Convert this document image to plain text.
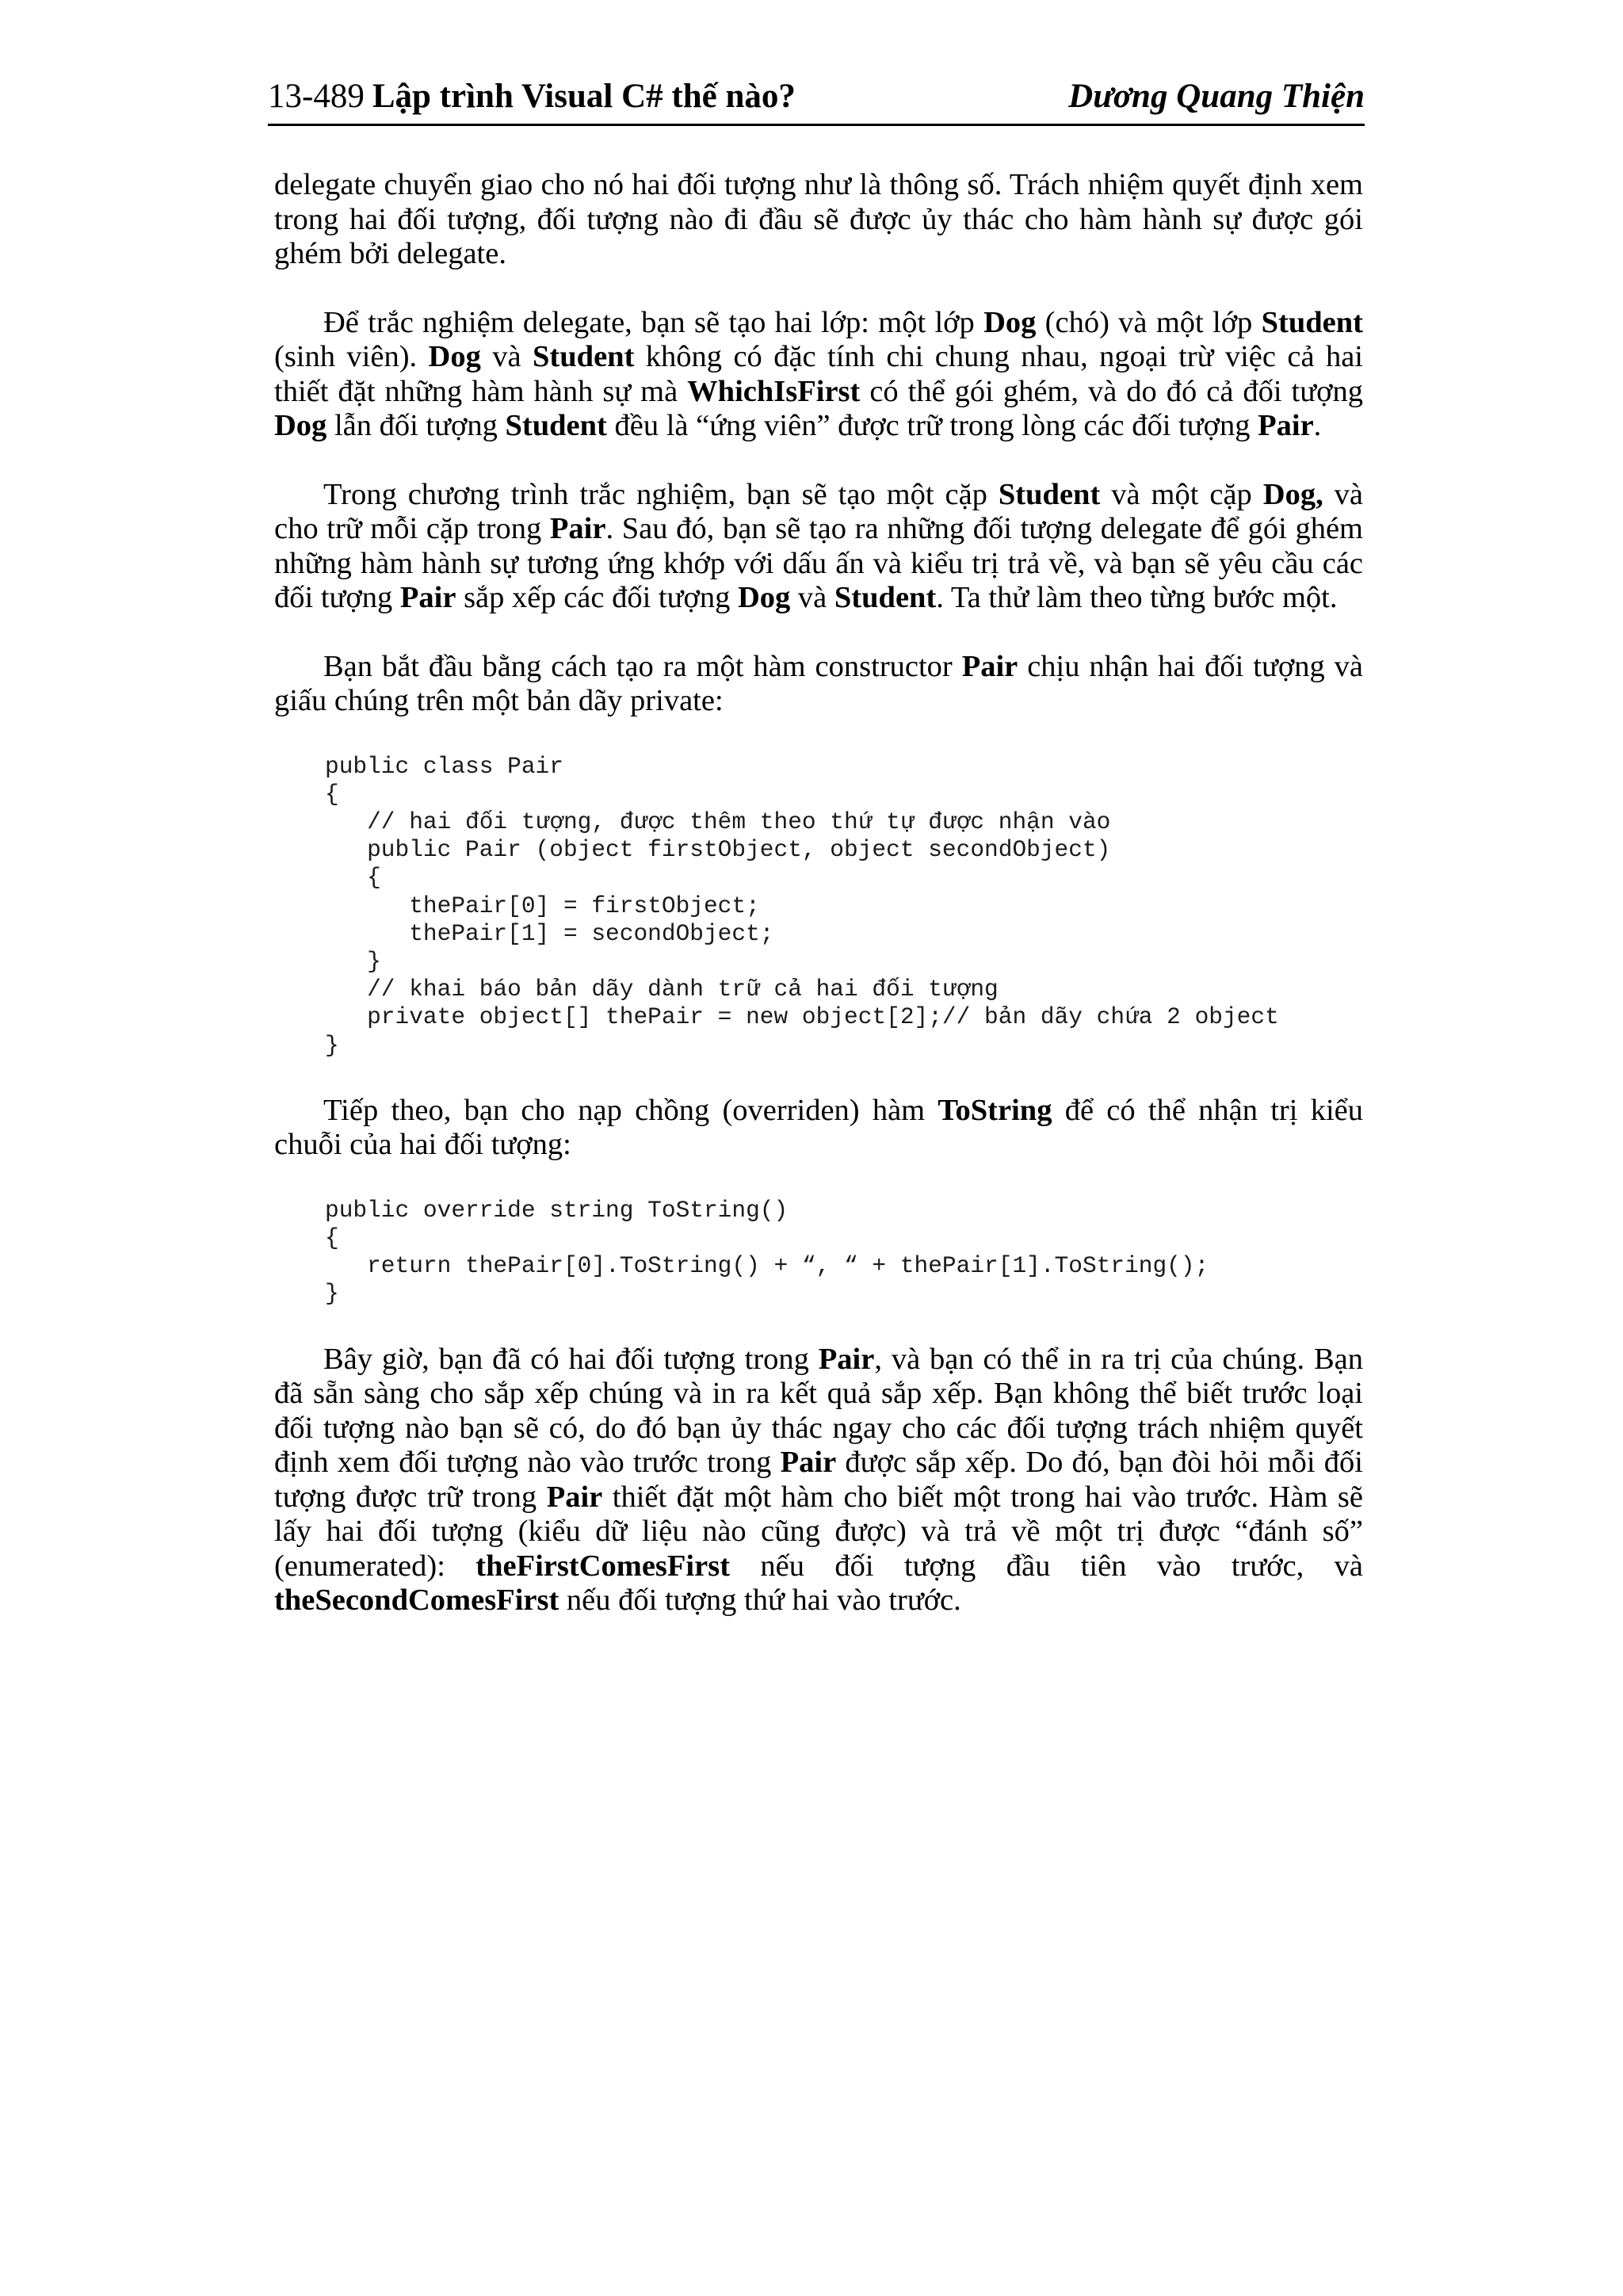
13-489 Lập trình Visual C# thế nào?	Dương Quang Thiện

delegate chuyển giao cho nó hai đối tượng như là thông số. Trách nhiệm quyết định xem trong hai đối tượng, đối tượng nào đi đầu sẽ được ủy thác cho hàm hành sự được gói ghém bởi delegate.

Để trắc nghiệm delegate, bạn sẽ tạo hai lớp: một lớp Dog (chó) và một lớp Student (sinh viên). Dog và Student không có đặc tính chi chung nhau, ngoại trừ việc cả hai thiết đặt những hàm hành sự mà WhichIsFirst có thể gói ghém, và do đó cả đối tượng Dog lẫn đối tượng Student đều là “ứng viên” được trữ trong lòng các đối tượng Pair.

Trong chương trình trắc nghiệm, bạn sẽ tạo một cặp Student và một cặp Dog, và cho trữ mỗi cặp trong Pair. Sau đó, bạn sẽ tạo ra những đối tượng delegate để gói ghém những hàm hành sự tương ứng khớp với dấu ấn và kiểu trị trả về, và bạn sẽ yêu cầu các đối tượng Pair sắp xếp các đối tượng Dog và Student. Ta thử làm theo từng bước một.

Bạn bắt đầu bằng cách tạo ra một hàm constructor Pair chịu nhận hai đối tượng và giấu chúng trên một bản dãy private:

public class Pair
{
// hai đối tượng, được thêm theo thứ tự được nhận vào
public Pair (object firstObject, object secondObject)
{
thePair[0] = firstObject;
thePair[1] = secondObject;
}
// khai báo bản dãy dành trữ cả hai đối tượng
private object[] thePair = new object[2];// bản dãy chứa 2 object
}

Tiếp theo, bạn cho nạp chồng (overriden) hàm ToString để có thể nhận trị kiểu chuỗi của hai đối tượng:

public override string ToString()
{
return thePair[0].ToString() + “, “ + thePair[1].ToString();
}

Bây giờ, bạn đã có hai đối tượng trong Pair, và bạn có thể in ra trị của chúng. Bạn đã sẵn sàng cho sắp xếp chúng và in ra kết quả sắp xếp. Bạn không thể biết trước loại đối tượng nào bạn sẽ có, do đó bạn ủy thác ngay cho các đối tượng trách nhiệm quyết định xem đối tượng nào vào trước trong Pair được sắp xếp. Do đó, bạn đòi hỏi mỗi đối tượng được trữ trong Pair thiết đặt một hàm cho biết một trong hai vào trước. Hàm sẽ lấy hai đối tượng (kiểu dữ liệu nào cũng được) và trả về một trị được “đánh số” (enumerated): theFirstComesFirst nếu đối tượng đầu tiên vào trước, và theSecondComesFirst nếu đối tượng thứ hai vào trước.
